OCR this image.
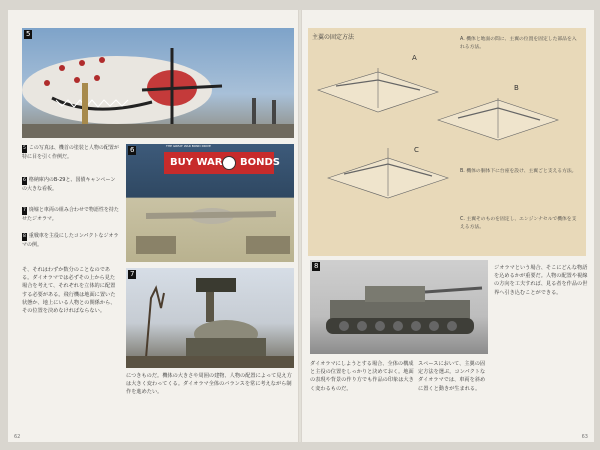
5
5 この写真は、機首の塗装と人物の配置が特に目を引く作例だ。
6 格納庫内のB-29と、国債キャンペーンの大きな看板。
7 廃墟と車両の組み合わせで物語性を持たせたジオラマ。
8 重戦車を主役にしたコンパクトなジオラマの例。
BUY WAR BONDS
THE GREAT WAR BOND DRIVE
6

そ、それはわずか数分のことなのである。ダイオラマでは必ずその上から見た場合を考えて、それぞれを立体的に配置する必要がある。飛行機は地面に置いた状態か、地上にいる人物との関係から、その位置を決めなければならない。

7

につきものだ。機体の大きさや周囲の建物、人物の配置によって見え方は大きく変わってくる。ダイオラマ全体のバランスを常に考えながら制作を進めたい。

62
主翼の固定方法
A
B
C
A. 機体と地面の間に、主翼の位置を固定した部品を入れる方法。
B. 機体の胴体下に台座を設け、主翼ごと支える方法。
C. 主翼そのものを固定し、エンジンナセルで機体を支える方法。
8

ダイオラマにしようとする場合、全体の構成と主役の位置をしっかりと決めておく。地面の表現や背景の作り方でも作品の印象は大きく変わるものだ。

スペースにおいて、主翼の固定方法を選ぶ。コンパクトなダイオラマでは、車両を斜めに置くと動きが生まれる。

ジオラマという場合、そこにどんな物語を込めるかが重要だ。人物の配置や視線の方向を工夫すれば、見る者を作品の世界へ引き込むことができる。

63
